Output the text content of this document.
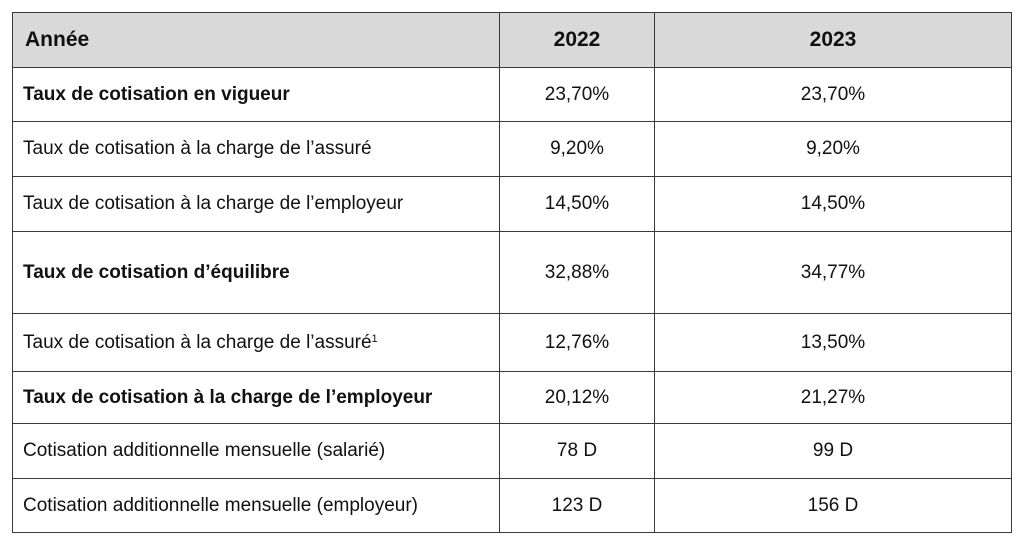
Année	2022	2023
Taux de cotisation en vigueur	23,70%	23,70%
Taux de cotisation à la charge de l’assuré	9,20%	9,20%
Taux de cotisation à la charge de l’employeur	14,50%	14,50%
Taux de cotisation d’équilibre	32,88%	34,77%
Taux de cotisation à la charge de l’assuré$^1$	12,76%	13,50%
Taux de cotisation à la charge de l’employeur	20,12%	21,27%
Cotisation additionnelle mensuelle (salarié)	78 D	99 D
Cotisation additionnelle mensuelle (employeur)	123 D	156 D
